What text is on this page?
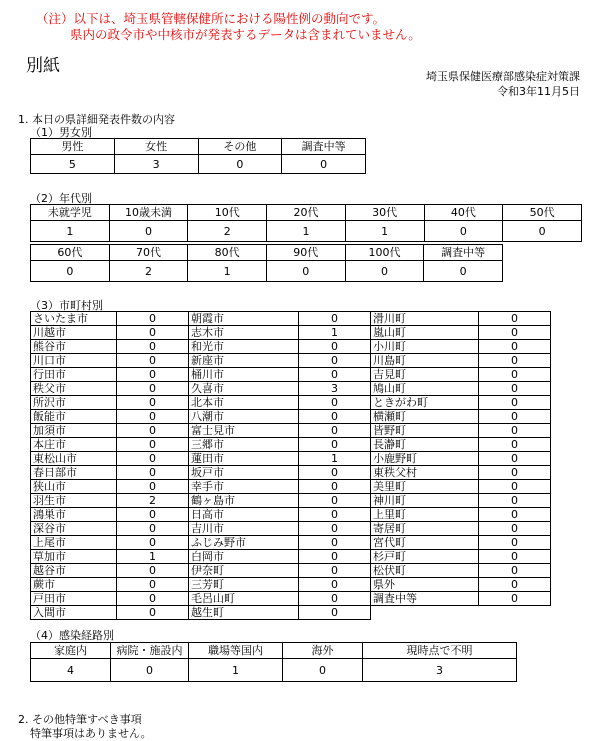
（注）以下は、埼玉県管轄保健所における陽性例の動向です。
県内の政令市や中核市が発表するデータは含まれていません。
別紙
埼玉県保健医療部感染症対策課
令和3年11月5日
1. 本日の県詳細発表件数の内容
（1）男女別
男性	女性	その他	調査中等
5	3	0	0
（2）年代別
未就学児	10歳未満	10代	20代	30代	40代	50代
1	0	2	1	1	0	0
60代	70代	80代	90代	100代	調査中等
0	2	1	0	0	0
（3）市町村別
さいたま市	0	朝霞市	0	滑川町	0
川越市	0	志木市	1	嵐山町	0
熊谷市	0	和光市	0	小川町	0
川口市	0	新座市	0	川島町	0
行田市	0	桶川市	0	吉見町	0
秩父市	0	久喜市	3	鳩山町	0
所沢市	0	北本市	0	ときがわ町	0
飯能市	0	八潮市	0	横瀬町	0
加須市	0	富士見市	0	皆野町	0
本庄市	0	三郷市	0	長瀞町	0
東松山市	0	蓮田市	1	小鹿野町	0
春日部市	0	坂戸市	0	東秩父村	0
狭山市	0	幸手市	0	美里町	0
羽生市	2	鶴ヶ島市	0	神川町	0
鴻巣市	0	日高市	0	上里町	0
深谷市	0	吉川市	0	寄居町	0
上尾市	0	ふじみ野市	0	宮代町	0
草加市	1	白岡市	0	杉戸町	0
越谷市	0	伊奈町	0	松伏町	0
蕨市	0	三芳町	0	県外	0
戸田市	0	毛呂山町	0	調査中等	0
入間市	0	越生町	0		
（4）感染経路別
家庭内	病院・施設内	職場等国内	海外	現時点で不明
4	0	1	0	3
2. その他特筆すべき事項
特筆事項はありません。
